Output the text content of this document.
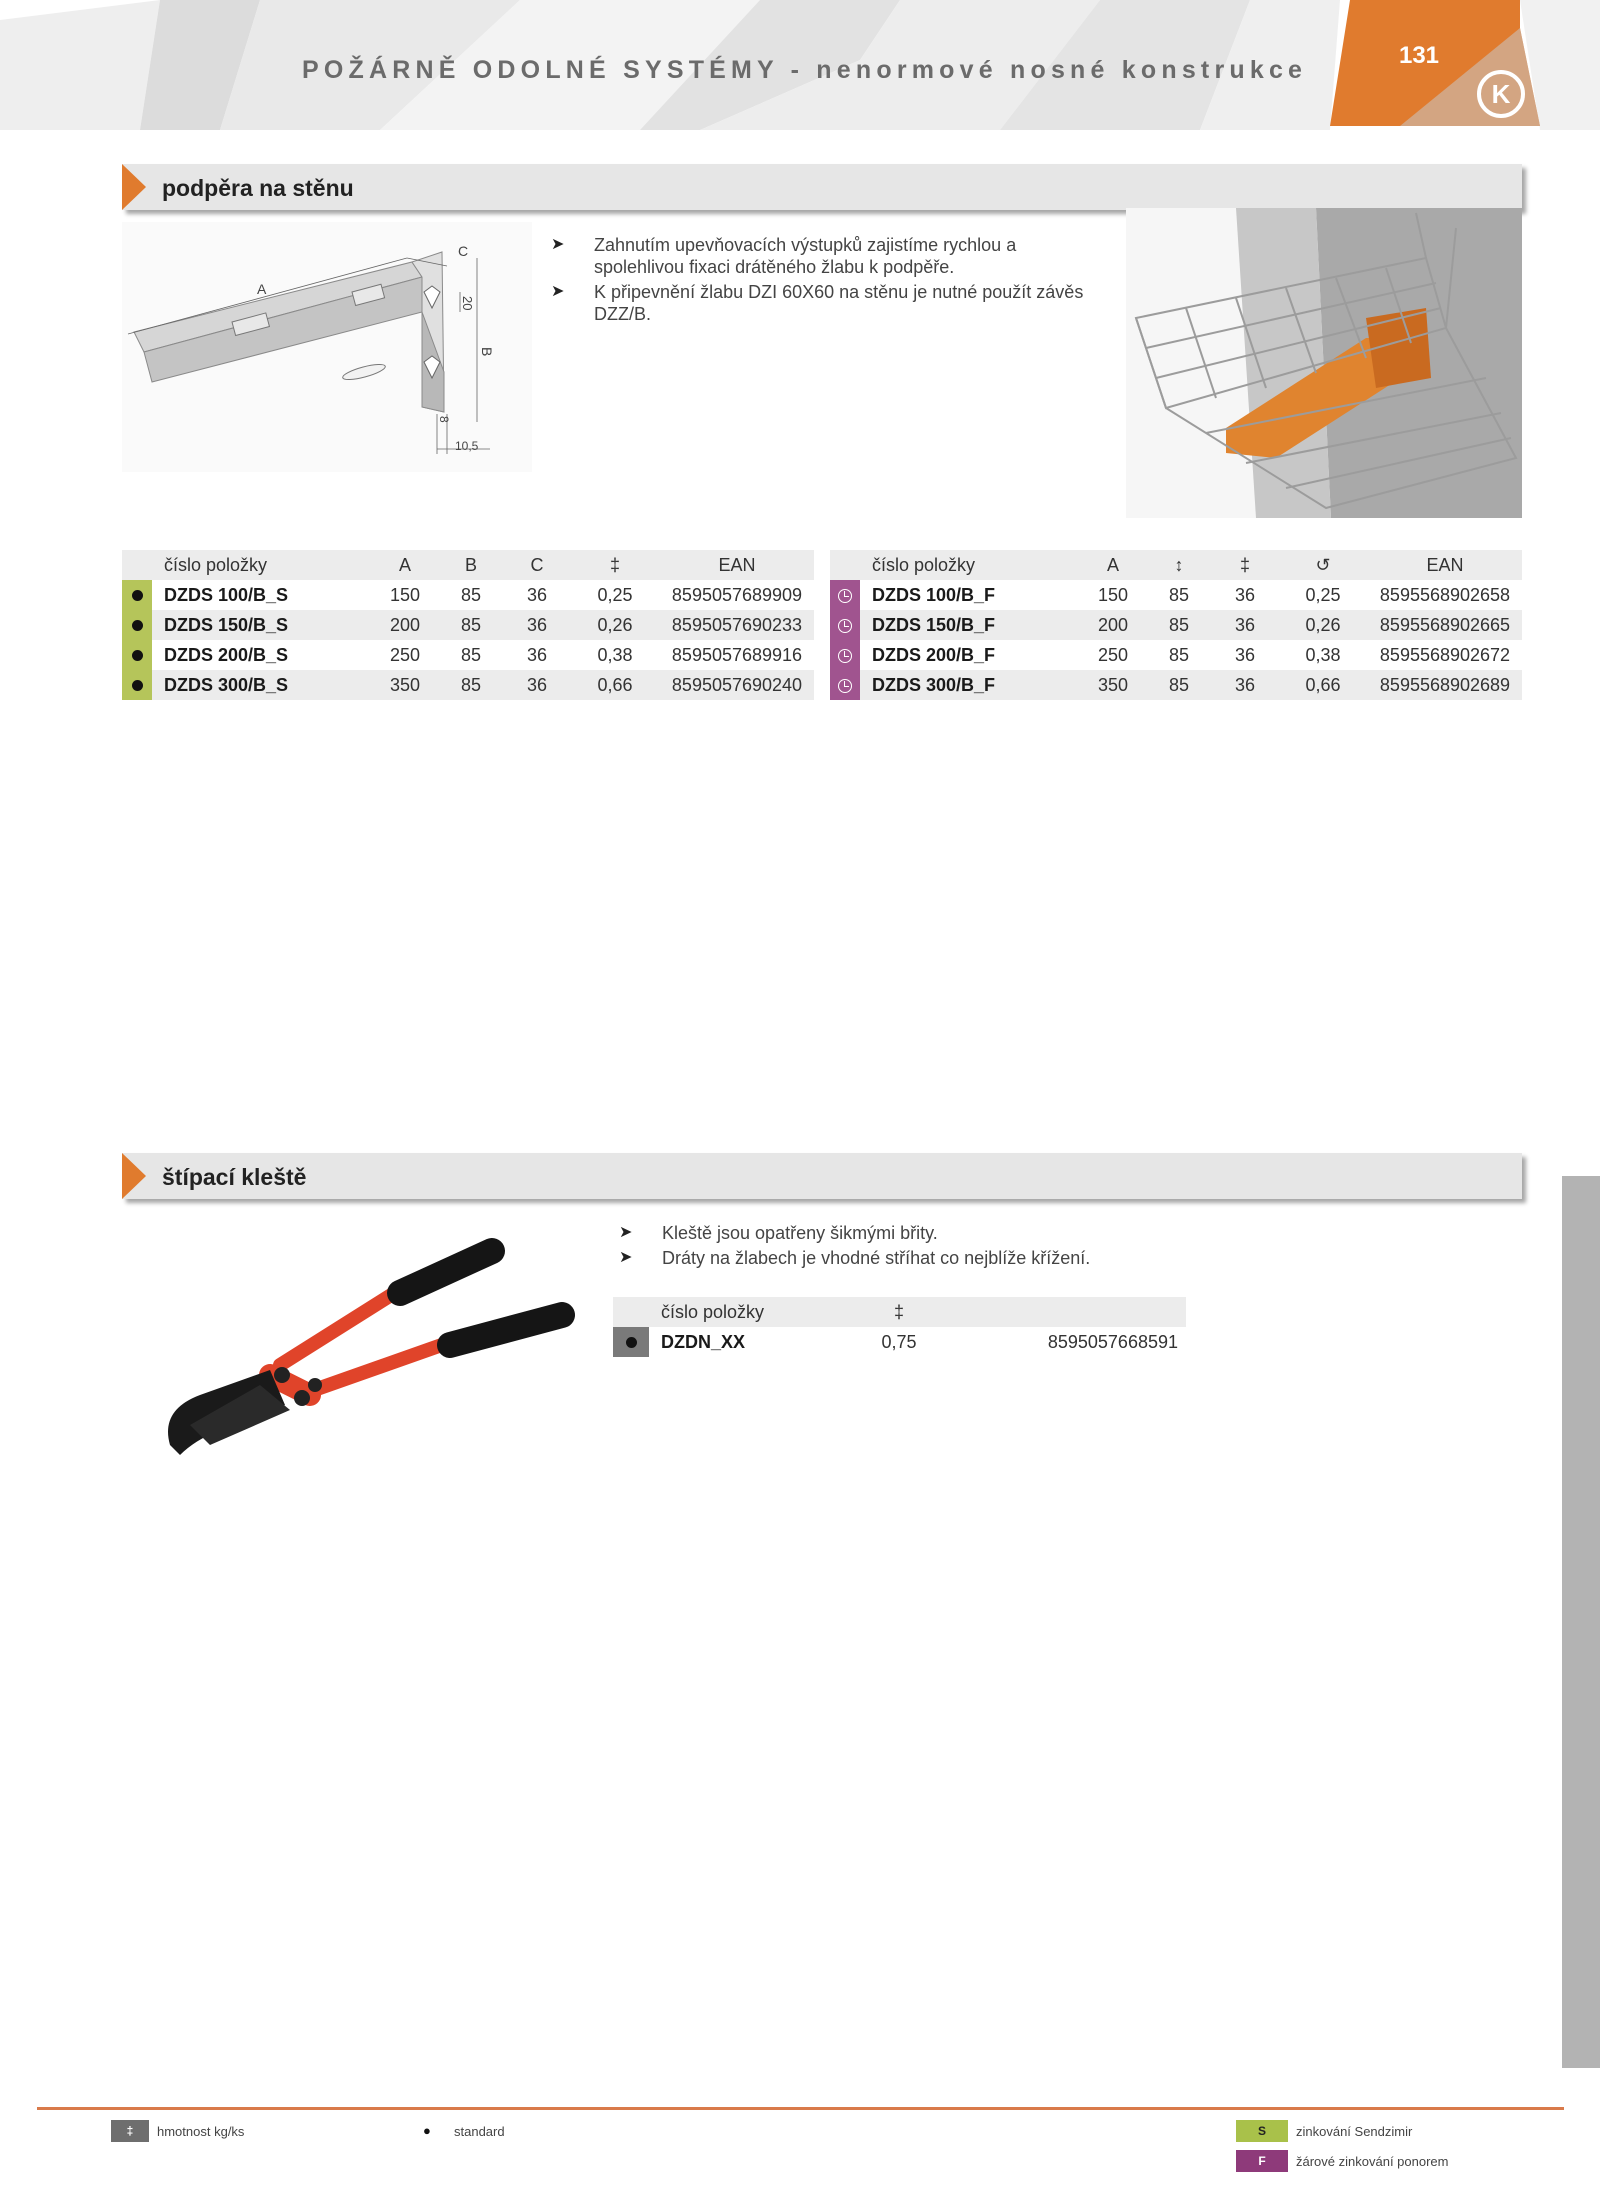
POŽÁRNĚ ODOLNÉ SYSTÉMY - nenormové nosné konstrukce
131
K
podpěra na stěnu
A
C
B
20
8
10,5
➤ Zahnutím upevňovacích výstupků zajistíme rychlou a spolehlivou fixaci drátěného žlabu k podpěře.
➤ K připevnění žlabu DZI 60X60 na stěnu je nutné použít závěs DZZ/B.
	číslo položky	A	B	C	‡	EAN
	DZDS 100/B_S	150	85	36	0,25	8595057689909
	DZDS 150/B_S	200	85	36	0,26	8595057690233
	DZDS 200/B_S	250	85	36	0,38	8595057689916
	DZDS 300/B_S	350	85	36	0,66	8595057690240
	číslo položky	A	↕	‡	↺	EAN
	DZDS 100/B_F	150	85	36	0,25	8595568902658
	DZDS 150/B_F	200	85	36	0,26	8595568902665
	DZDS 200/B_F	250	85	36	0,38	8595568902672
	DZDS 300/B_F	350	85	36	0,66	8595568902689
štípací kleště
➤ Kleště jsou opatřeny šikmými břity.
➤ Dráty na žlabech je vhodné stříhat co nejblíže křížení.
	číslo položky	‡	
	DZDN_XX	0,75	8595057668591
‡	hmotnost kg/ks	● standard	S	zinkování Sendzimir
F	žárové zinkování ponorem
